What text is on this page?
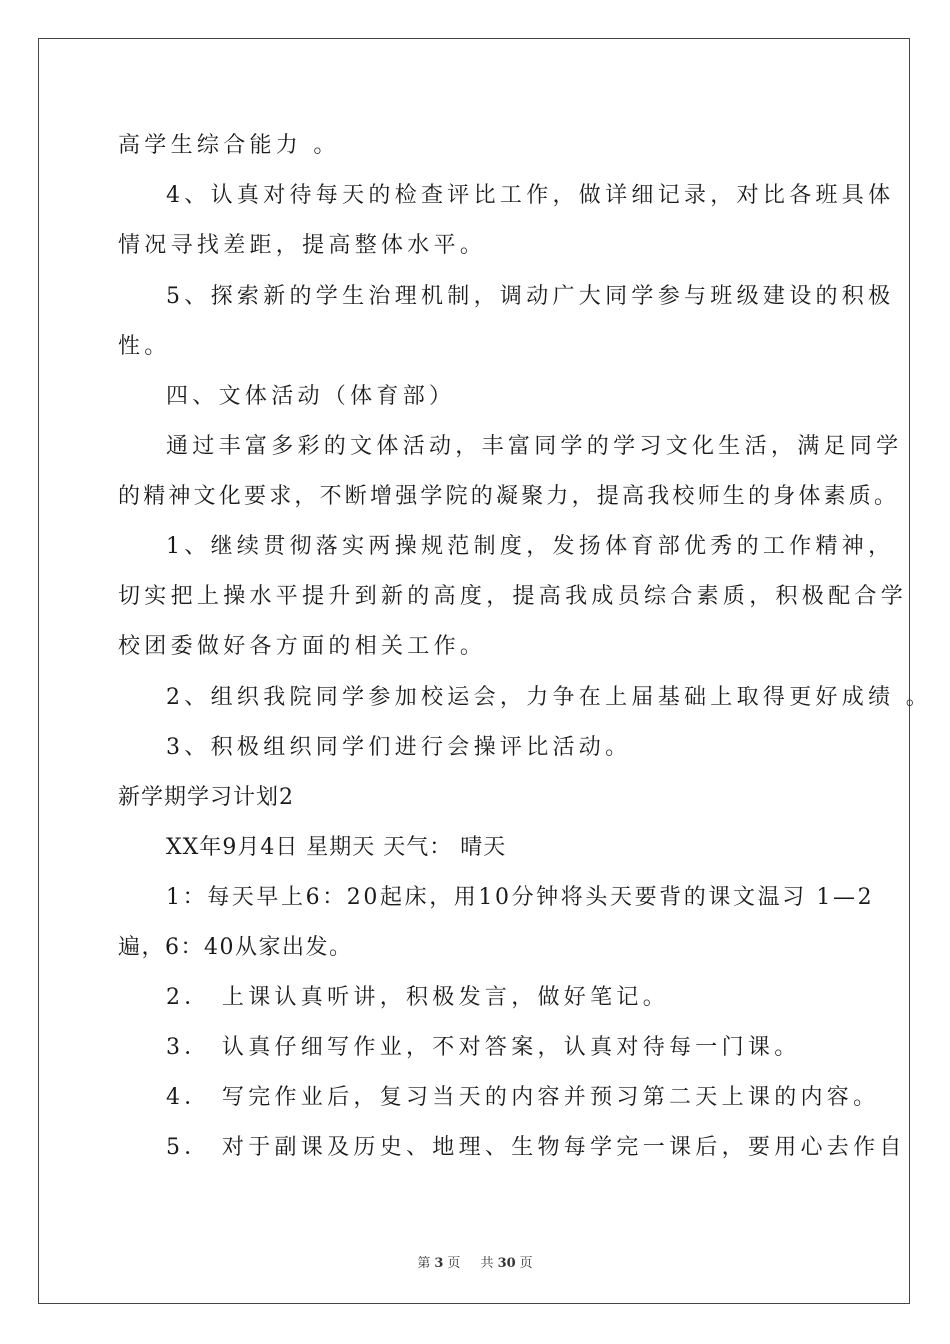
高学生综合能力 。
4、认真对待每天的检查评比工作，做详细记录，对比各班具体
情况寻找差距，提高整体水平。
5、探索新的学生治理机制，调动广大同学参与班级建设的积极
性。
四、文体活动（体育部）
通过丰富多彩的文体活动，丰富同学的学习文化生活，满足同学
的精神文化要求，不断增强学院的凝聚力，提高我校师生的身体素质。
1、继续贯彻落实两操规范制度，发扬体育部优秀的工作精神，
切实把上操水平提升到新的高度，提高我成员综合素质，积极配合学
校团委做好各方面的相关工作。
2、组织我院同学参加校运会，力争在上届基础上取得更好成绩 。
3、积极组织同学们进行会操评比活动。
新学期学习计划2
XX年9月4日 星期天 天气： 晴天
1：每天早上6：20起床，用10分钟将头天要背的课文温习 1—2
遍，6：40从家出发。
2． 上课认真听讲，积极发言，做好笔记。
3． 认真仔细写作业，不对答案，认真对待每一门课。
4． 写完作业后，复习当天的内容并预习第二天上课的内容。
5． 对于副课及历史、地理、生物每学完一课后，要用心去作自
第 3 页 共 30 页
